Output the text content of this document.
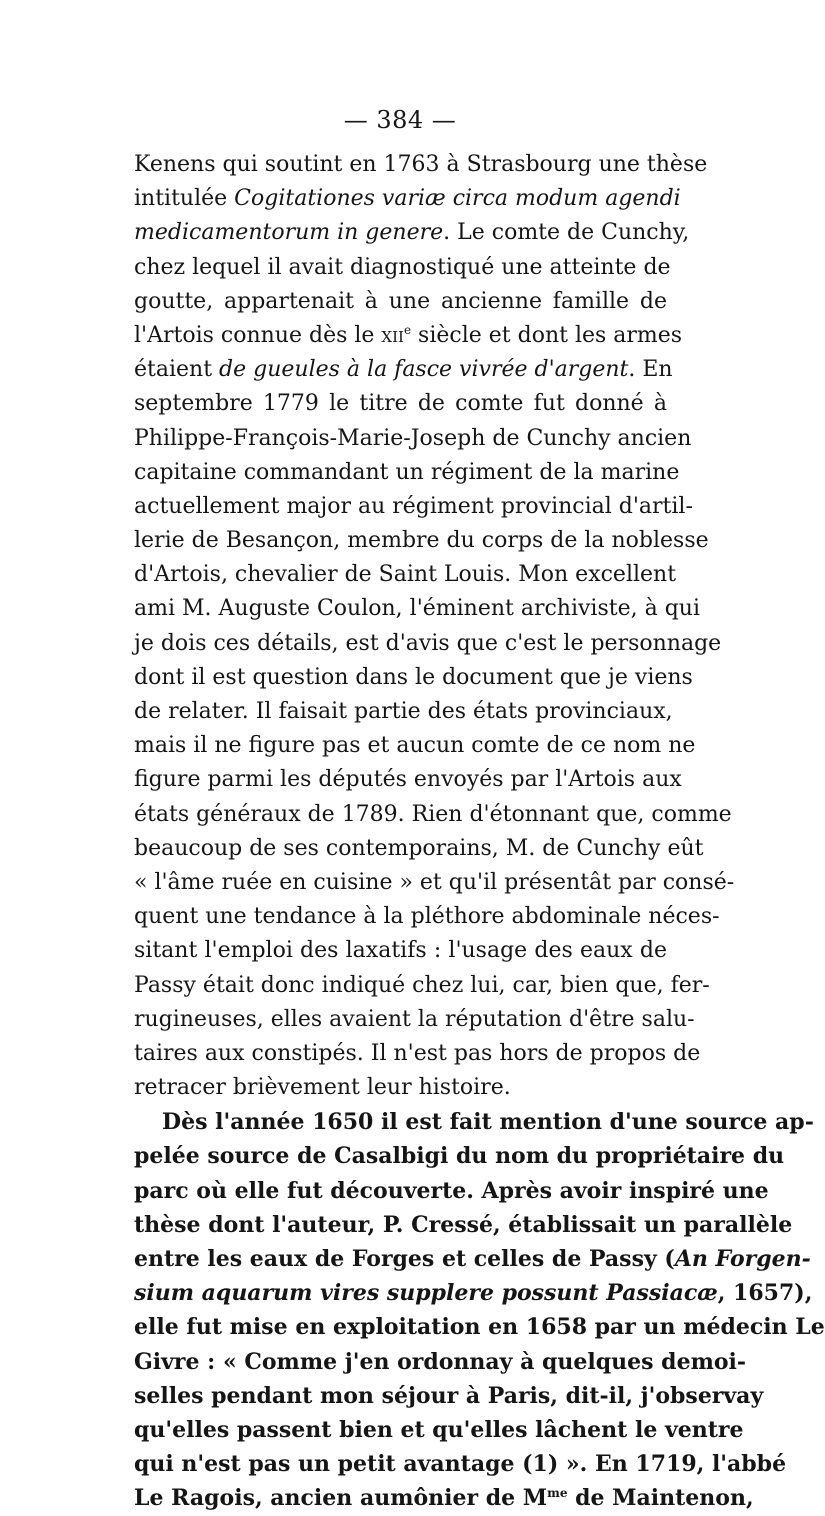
— 384 —
Kenens qui soutint en 1763 à Strasbourg une thèse
intitulée Cogitationes variæ circa modum agendi
medicamentorum in genere. Le comte de Cunchy,
chez lequel il avait diagnostiqué une atteinte de
goutte, appartenait à une ancienne famille de
l'Artois connue dès le xii$^e$ siècle et dont les armes
étaient de gueules à la fasce vivrée d'argent. En
septembre 1779 le titre de comte fut donné à
Philippe-François-Marie-Joseph de Cunchy ancien
capitaine commandant un régiment de la marine
actuellement major au régiment provincial d'artil-
lerie de Besançon, membre du corps de la noblesse
d'Artois, chevalier de Saint Louis. Mon excellent
ami M. Auguste Coulon, l'éminent archiviste, à qui
je dois ces détails, est d'avis que c'est le personnage
dont il est question dans le document que je viens
de relater. Il faisait partie des états provinciaux,
mais il ne figure pas et aucun comte de ce nom ne
figure parmi les députés envoyés par l'Artois aux
états généraux de 1789. Rien d'étonnant que, comme
beaucoup de ses contemporains, M. de Cunchy eût
« l'âme ruée en cuisine » et qu'il présentât par consé-
quent une tendance à la pléthore abdominale néces-
sitant l'emploi des laxatifs : l'usage des eaux de
Passy était donc indiqué chez lui, car, bien que, fer-
rugineuses, elles avaient la réputation d'être salu-
taires aux constipés. Il n'est pas hors de propos de
retracer brièvement leur histoire.
Dès l'année 1650 il est fait mention d'une source ap-
pelée source de Casalbigi du nom du propriétaire du
parc où elle fut découverte. Après avoir inspiré une
thèse dont l'auteur, P. Cressé, établissait un parallèle
entre les eaux de Forges et celles de Passy (An Forgen-
sium aquarum vires supplere possunt Passiacæ, 1657),
elle fut mise en exploitation en 1658 par un médecin Le
Givre : « Comme j'en ordonnay à quelques demoi-
selles pendant mon séjour à Paris, dit-il, j'observay
qu'elles passent bien et qu'elles lâchent le ventre
qui n'est pas un petit avantage (1) ». En 1719, l'abbé
Le Ragois, ancien aumônier de $M^{me}$ de Maintenon,
